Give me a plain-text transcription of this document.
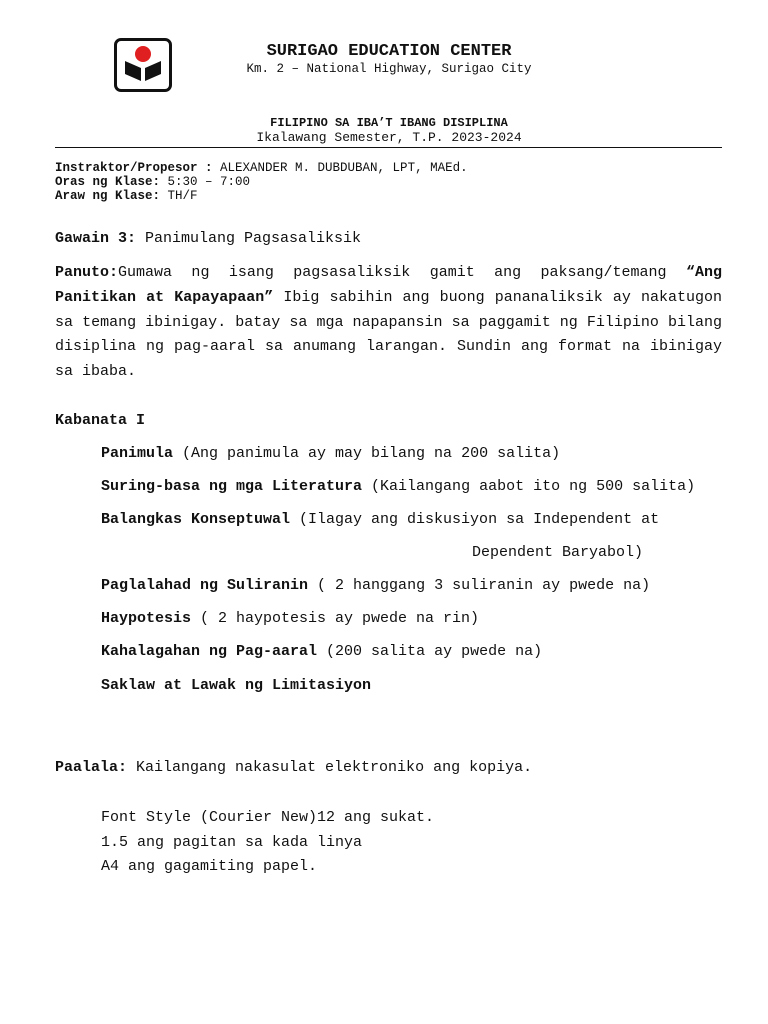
SURIGAO EDUCATION CENTER
Km. 2 – National Highway, Surigao City
FILIPINO SA IBA’T IBANG DISIPLINA
Ikalawang Semester, T.P. 2023-2024
Instraktor/Propesor : ALEXANDER M. DUBDUBAN, LPT, MAEd.
Oras ng Klase: 5:30 – 7:00
Araw ng Klase: TH/F
Gawain 3: Panimulang Pagsasaliksik
Panuto:Gumawa ng isang pagsasaliksik gamit ang paksang/temang “Ang Panitikan at Kapayapaan” Ibig sabihin ang buong pananaliksik ay nakatugon sa temang ibinigay. batay sa mga napapansin sa paggamit ng Filipino bilang disiplina ng pag-aaral sa anumang larangan. Sundin ang format na ibinigay sa ibaba.
Kabanata I
Panimula (Ang panimula ay may bilang na 200 salita)
Suring-basa ng mga Literatura (Kailangang aabot ito ng 500 salita)
Balangkas Konseptuwal (Ilagay ang diskusiyon sa Independent at
Dependent Baryabol)
Paglalahad ng Suliranin ( 2 hanggang 3 suliranin ay pwede na)
Haypotesis ( 2 haypotesis ay pwede na rin)
Kahalagahan ng Pag-aaral (200 salita ay pwede na)
Saklaw at Lawak ng Limitasiyon
Paalala: Kailangang nakasulat elektroniko ang kopiya.
Font Style (Courier New)12 ang sukat.
1.5 ang pagitan sa kada linya
A4 ang gagamiting papel.
